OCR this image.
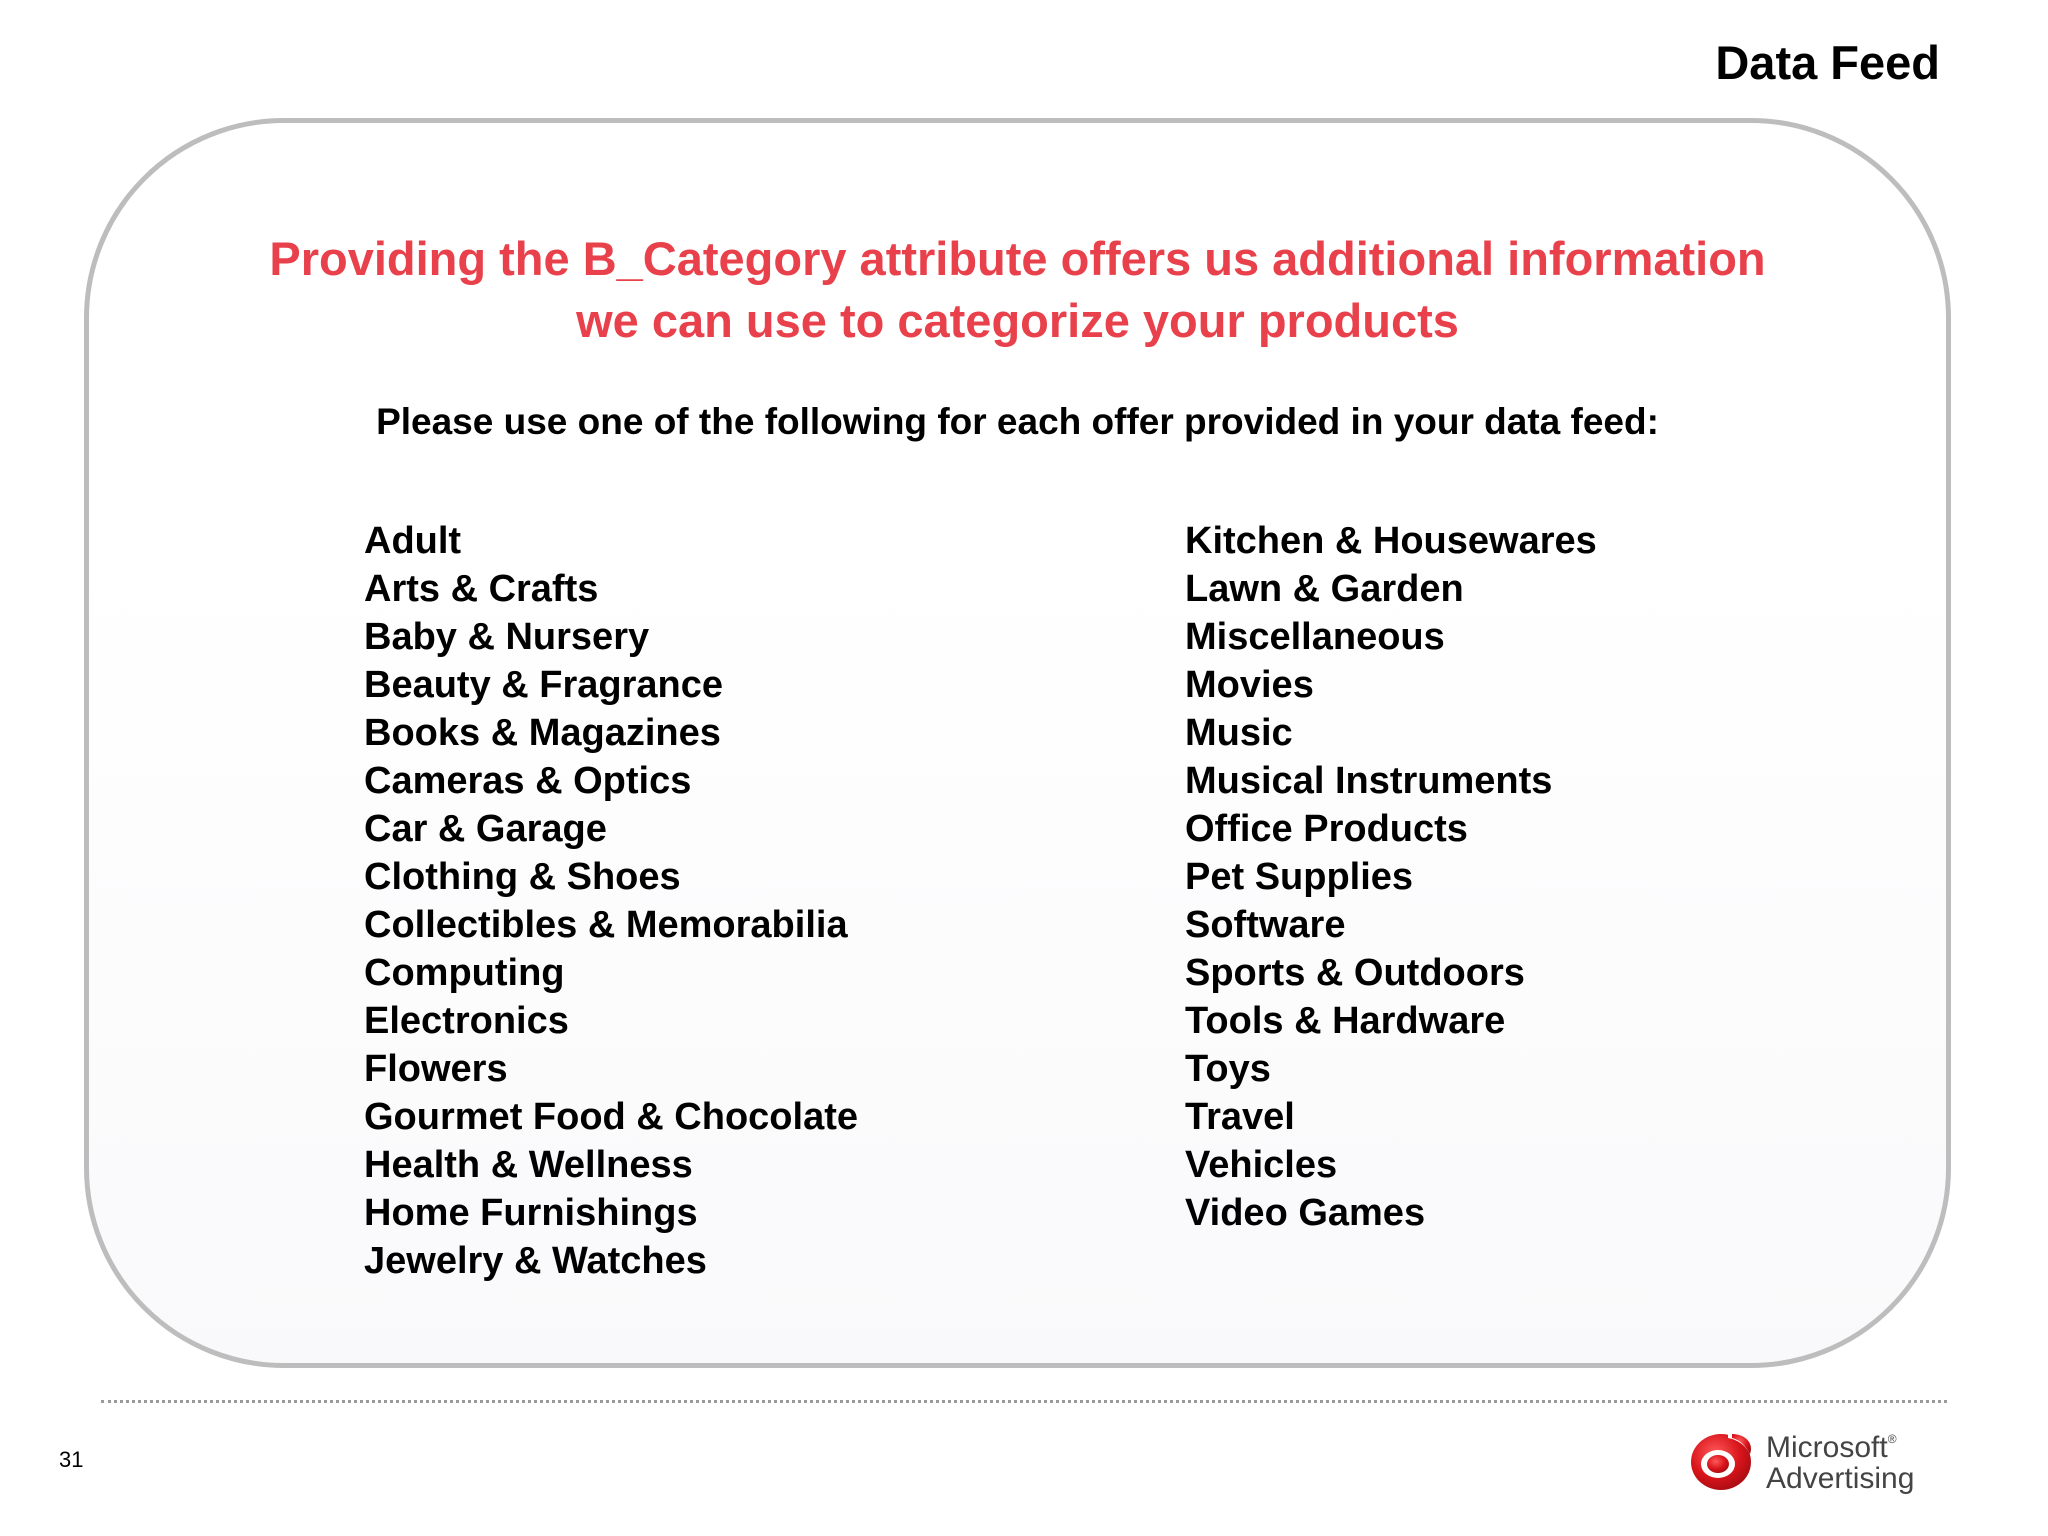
Data Feed
Providing the B_Category attribute offers us additional information
we can use to categorize your products
Please use one of the following for each offer provided in your data feed:
Adult
Arts & Crafts
Baby & Nursery
Beauty & Fragrance
Books & Magazines
Cameras & Optics
Car & Garage
Clothing & Shoes
Collectibles & Memorabilia
Computing
Electronics
Flowers
Gourmet Food & Chocolate
Health & Wellness
Home Furnishings
Jewelry & Watches
Kitchen & Housewares
Lawn & Garden
Miscellaneous
Movies
Music
Musical Instruments
Office Products
Pet Supplies
Software
Sports & Outdoors
Tools & Hardware
Toys
Travel
Vehicles
Video Games
31	Microsoft®
Advertising
